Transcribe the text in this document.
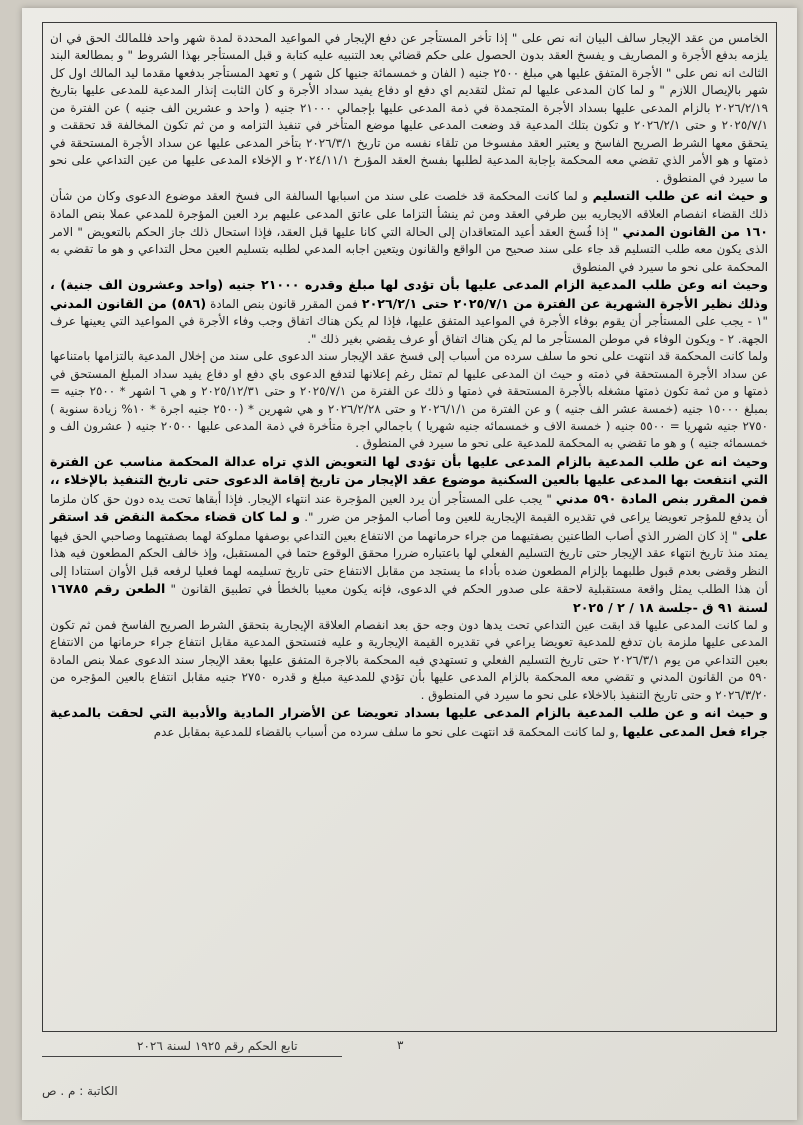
الخامس من عقد الإيجار سالف البيان انه نص على " إذا تأخر المستأجر عن دفع الإيجار في المواعيد المحددة لمدة شهر واحد فللمالك الحق في ان يلزمه بدفع الأجرة و المصاريف و يفسخ العقد بدون الحصول على حكم قضائي بعد التنبيه عليه كتابة و قبل المستأجر بهذا الشروط " و بمطالعة البند الثالث انه نص على " الأجرة المتفق عليها هي مبلغ ٢٥٠٠ جنيه ( الفان و خمسمائة جنيها كل شهر ) و تعهد المستأجر بدفعها مقدما ليد المالك اول كل شهر بالإيصال اللازم " و لما كان المدعى عليها لم تمثل لتقديم اي دفع او دفاع يفيد سداد الأجرة و كان الثابت إنذار المدعية للمدعى عليها بتاريخ ٢٠٢٦/٢/١٩ بالزام المدعى عليها بسداد الأجرة المتجمدة في ذمة المدعى عليها بإجمالي ٢١٠٠٠ جنيه ( واحد و عشرين الف جنيه ) عن الفترة من ٢٠٢٥/٧/١ و حتى ٢٠٢٦/٢/١ و تكون بتلك المدعية قد وضعت المدعى عليها موضع المتأخر في تنفيذ التزامه و من ثم تكون المخالفة قد تحققت و يتحقق معها الشرط الصريح الفاسخ و يعتبر العقد مفسوخا من تلقاء نفسه من تاريخ ٢٠٢٦/٣/١ بتأخر المدعى عليها عن سداد الأجرة المستحقة في ذمتها و هو الأمر الذي تقضي معه المحكمة بإجابة المدعية لطلبها بفسخ العقد المؤرخ ٢٠٢٤/١١/١ و الإخلاء المدعى عليها من عين التداعي على نحو ما سيرد في المنطوق .

و حيث انه عن طلب التسليم و لما كانت المحكمة قد خلصت على سند من اسبابها السالفة الى فسخ العقد موضوع الدعوى وكان من شأن ذلك القضاء انفصام العلاقه الايجاريه بين طرفي العقد ومن ثم ينشأ التزاما على عاتق المدعى عليهم برد العين المؤجرة للمدعي عملا بنص المادة ١٦٠ من القانون المدني " إذا فُسخ العقد أعيد المتعاقدان إلى الحالة التي كانا عليها قبل العقد، فإذا استحال ذلك جاز الحكم بالتعويض " الامر الذى يكون معه طلب التسليم قد جاء على سند صحيح من الواقع والقانون ويتعين اجابه المدعي لطلبه بتسليم العين محل التداعي و هو ما تقضي به المحكمة على نحو ما سيرد في المنطوق

وحيث انه وعن طلب المدعية الزام المدعى عليها بأن تؤدى لها مبلغ وقدره ٢١٠٠٠ جنيه (واحد وعشرون الف جنية) ، وذلك نظير الأجرة الشهرية عن الفترة من ٢٠٢٥/٧/١ حتى ٢٠٢٦/٢/١ فمن المقرر قانون بنص المادة (٥٨٦) من القانون المدني "١ - يجب على المستأجر أن يقوم بوفاء الأجرة في المواعيد المتفق عليها، فإذا لم يكن هناك اتفاق وجب وفاء الأجرة في المواعيد التي يعينها عرف الجهة. ٢ - ويكون الوفاء في موطن المستأجر ما لم يكن هناك اتفاق أو عرف يقضي بغير ذلك ".

ولما كانت المحكمة قد انتهت على نحو ما سلف سرده من أسباب إلى فسخ عقد الإيجار سند الدعوى على سند من إخلال المدعية بالتزامها بامتناعها عن سداد الأجرة المستحقة في ذمته و حيث ان المدعى عليها لم تمثل رغم إعلانها لتدفع الدعوى باي دفع او دفاع يفيد سداد المبلغ المستحق في ذمتها و من ثمة تكون ذمتها مشغله بالأجرة المستحقة في ذمتها و ذلك عن الفترة من ٢٠٢٥/٧/١ و حتى ٢٠٢٥/١٢/٣١ و هي ٦ اشهر * ٢٥٠٠ جنيه = بمبلغ ١٥٠٠٠ جنيه (خمسة عشر الف جنيه ) و عن الفترة من ٢٠٢٦/١/١ و حتى ٢٠٢٦/٢/٢٨ و هي شهرين * (٢٥٠٠ جنيه اجرة * ١٠% زيادة سنوية ) ٢٧٥٠ جنيه شهريا = ٥٥٠٠ جنيه ( خمسة الاف و خمسمائه جنيه شهريا ) باجمالي اجرة متأخرة في ذمة المدعى عليها ٢٠٥٠٠ جنيه ( عشرون الف و خمسمائه جنيه ) و هو ما تقضي به المحكمة للمدعية على نحو ما سيرد في المنطوق .

وحيث انه عن طلب المدعية بالزام المدعى عليها بأن تؤدى لها التعويض الذي تراه عدالة المحكمة مناسب عن الفترة التي انتفعت بها المدعى عليها بالعين السكنية موضوع عقد الإيجار من تاريخ إقامة الدعوى حتى تاريخ التنفيذ بالإخلاء ،، فمن المقرر بنص المادة ٥٩٠ مدني " يجب على المستأجر أن يرد العين المؤجرة عند انتهاء الإيجار. فإذا أبقاها تحت يده دون حق كان ملزما أن يدفع للمؤجر تعويضا يراعى في تقديره القيمة الإيجارية للعين وما أصاب المؤجر من ضرر ". و لما كان قضاء محكمة النقض قد استقر على " إذ كان الضرر الذي أصاب الطاعنين بصفتيهما من جراء حرمانهما من الانتفاع بعين التداعي بوصفها مملوكة لهما بصفتيهما وصاحبي الحق فيها يمتد منذ تاريخ انتهاء عقد الإيجار حتى تاريخ التسليم الفعلي لها باعتباره ضررا محقق الوقوع حتما في المستقبل، وإذ خالف الحكم المطعون فيه هذا النظر وقضى بعدم قبول طلبهما بإلزام المطعون ضده بأداء ما يستجد من مقابل الانتفاع حتى تاريخ تسليمه لهما فعليا لرفعه قبل الأوان استنادا إلى أن هذا الطلب يمثل واقعة مستقبلية لاحقة على صدور الحكم في الدعوى، فإنه يكون معيبا بالخطأ في تطبيق القانون " الطعن رقم ١٦٧٨٥ لسنة ٩١ ق -جلسة ١٨ / ٢ / ٢٠٢٥

و لما كانت المدعى عليها قد ابقت عين التداعي تحت يدها دون وجه حق بعد انفصام العلاقة الإيجارية بتحقق الشرط الصريح الفاسخ فمن ثم تكون المدعى عليها ملزمة بان تدفع للمدعية تعويضا يراعي في تقديره القيمة الإيجارية و عليه فتستحق المدعية مقابل انتفاع جراء حرمانها من الانتفاع بعين التداعي من يوم ٢٠٢٦/٣/١ حتى تاريخ التسليم الفعلي و تستهدي فيه المحكمة بالاجرة المتفق عليها بعقد الإيجار سند الدعوى عملا بنص المادة ٥٩٠ من القانون المدني و تقضي معه المحكمة بالزام المدعى عليها بأن تؤدي للمدعية مبلغ و قدره ٢٧٥٠ جنيه مقابل انتفاع بالعين المؤجره من ٢٠٢٦/٣/٢٠ و حتى تاريخ التنفيذ بالاخلاء على نحو ما سيرد في المنطوق .

و حيث انه و عن طلب المدعية بالزام المدعى عليها بسداد تعويضا عن الأضرار المادية والأدبية التي لحقت بالمدعية جراء فعل المدعى عليها ,و لما كانت المحكمة قد انتهت على نحو ما سلف سرده من أسباب بالقضاء للمدعية بمقابل عدم

٣
تابع الحكم رقم ١٩٢٥ لسنة ٢٠٢٦
الكاتبة : م . ص
